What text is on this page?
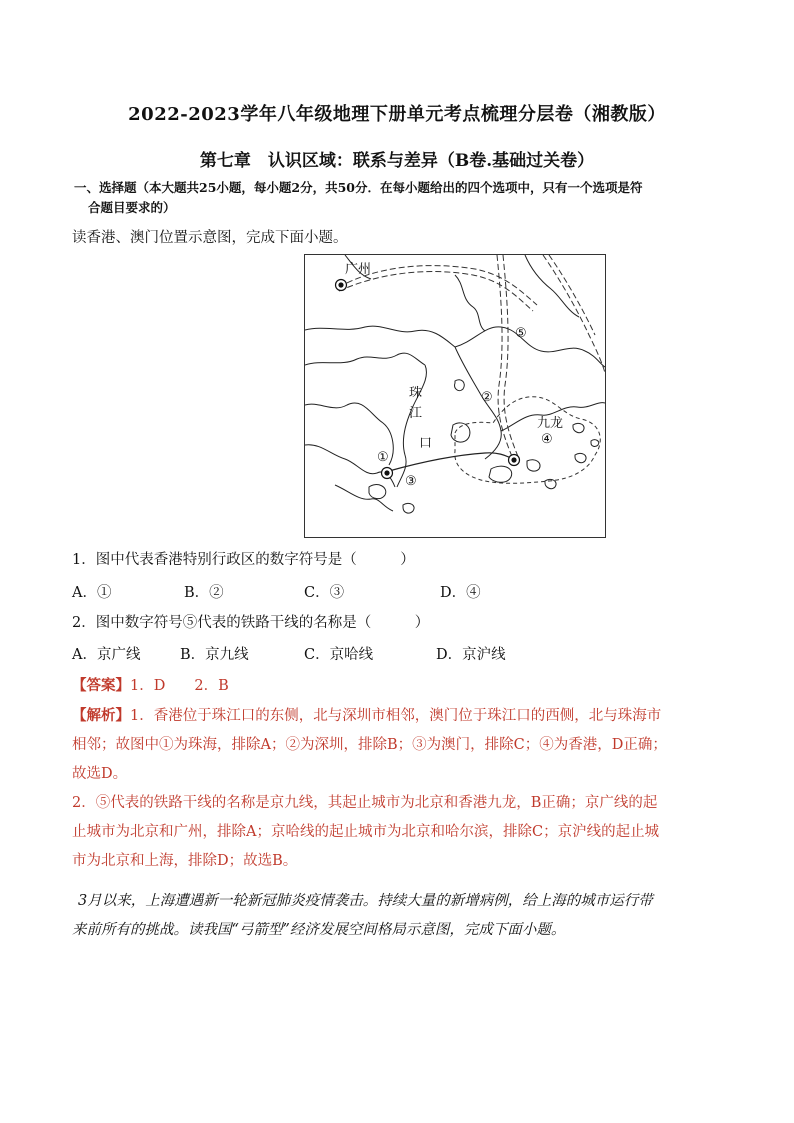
2022-2023学年八年级地理下册单元考点梳理分层卷（湘教版）
第七章　认识区域：联系与差异（B卷.基础过关卷）
一、选择题（本大题共25小题，每小题2分，共50分．在每小题给出的四个选项中，只有一个选项是符
合题目要求的）
读香港、澳门位置示意图，完成下面小题。
广州
珠
江
口
九龙
①
②
③
④
⑤
1．图中代表香港特别行政区的数字符号是（　　　）
A．①	B．②	C．③	D．④
2．图中数字符号⑤代表的铁路干线的名称是（　　　）
A．京广线	B．京九线	C．京哈线	D．京沪线
【答案】1．D　　2．B
【解析】1．香港位于珠江口的东侧，北与深圳市相邻，澳门位于珠江口的西侧，北与珠海市
相邻；故图中①为珠海，排除A；②为深圳，排除B；③为澳门，排除C；④为香港，D正确；
故选D。
2．⑤代表的铁路干线的名称是京九线，其起止城市为北京和香港九龙，B正确；京广线的起
止城市为北京和广州，排除A；京哈线的起止城市为北京和哈尔滨，排除C；京沪线的起止城
市为北京和上海，排除D；故选B。
3月以来，上海遭遇新一轮新冠肺炎疫情袭击。持续大量的新增病例，给上海的城市运行带
来前所有的挑战。读我国“弓箭型”经济发展空间格局示意图，完成下面小题。
